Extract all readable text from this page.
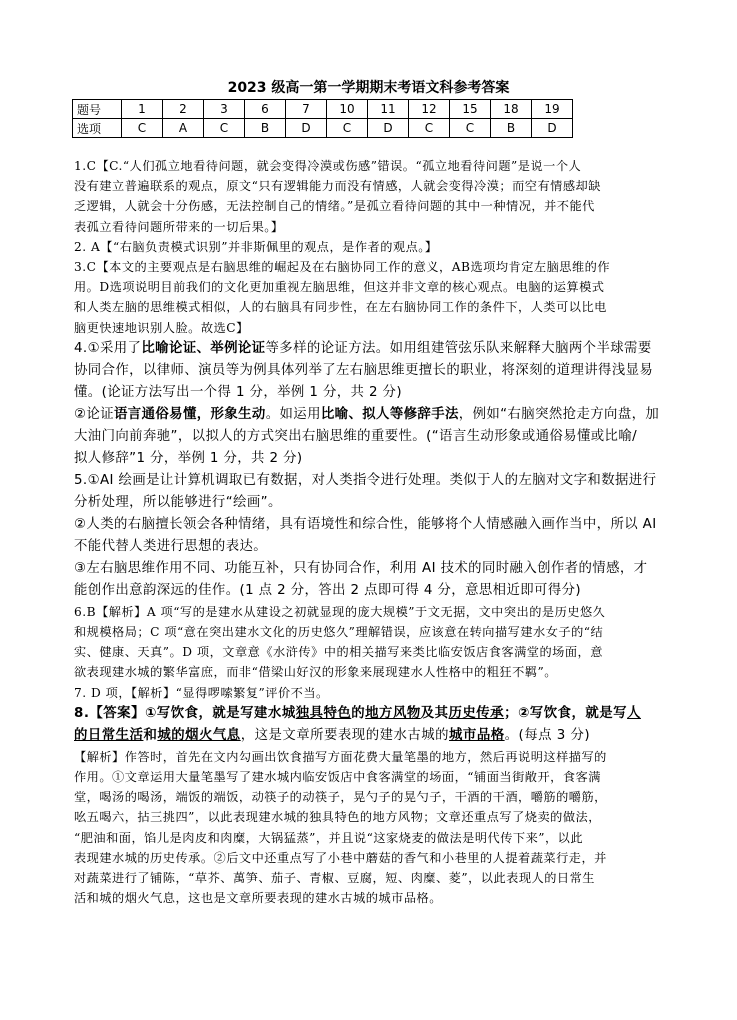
2023 级高一第一学期期末考语文科参考答案
题号	1	2	3	6	7	10	11	12	15	18	19
选项	C	A	C	B	D	C	D	C	C	B	D

1.C【C.“人们孤立地看待问题，就会变得冷漠或伤感”错误。“孤立地看待问题”是说一个人

没有建立普遍联系的观点，原文“只有逻辑能力而没有情感，人就会变得冷漠；而空有情感却缺

乏逻辑，人就会十分伤感，无法控制自己的情绪。”是孤立看待问题的其中一种情况，并不能代

表孤立看待问题所带来的一切后果。】

2. A【“右脑负责模式识别”并非斯佩里的观点，是作者的观点。】

3.C【本文的主要观点是右脑思维的崛起及在右脑协同工作的意义，AB选项均肯定左脑思维的作

用。D选项说明目前我们的文化更加重视左脑思维，但这并非文章的核心观点。电脑的运算模式

和人类左脑的思维模式相似，人的右脑具有同步性，在左右脑协同工作的条件下，人类可以比电

脑更快速地识别人脸。故选C】

4.①采用了比喻论证、举例论证等多样的论证方法。如用组建管弦乐队来解释大脑两个半球需要

协同合作，以律师、演员等为例具体列举了左右脑思维更擅长的职业，将深刻的道理讲得浅显易

懂。(论证方法写出一个得 1 分，举例 1 分，共 2 分)

②论证语言通俗易懂，形象生动。如运用比喻、拟人等修辞手法，例如“右脑突然抢走方向盘，加

大油门向前奔驰”，以拟人的方式突出右脑思维的重要性。(“语言生动形象或通俗易懂或比喻/

拟人修辞”1 分，举例 1 分，共 2 分)

5.①AI 绘画是让计算机调取已有数据，对人类指令进行处理。类似于人的左脑对文字和数据进行

分析处理，所以能够进行“绘画”。

②人类的右脑擅长领会各种情绪，具有语境性和综合性，能够将个人情感融入画作当中，所以 AI

不能代替人类进行思想的表达。

③左右脑思维作用不同、功能互补，只有协同合作，利用 AI 技术的同时融入创作者的情感，才

能创作出意韵深远的佳作。(1 点 2 分，答出 2 点即可得 4 分，意思相近即可得分)

6.B【解析】A 项“写的是建水从建设之初就显现的庞大规模”于文无据，文中突出的是历史悠久

和规模格局；C 项“意在突出建水文化的历史悠久”理解错误，应该意在转向描写建水女子的“结

实、健康、天真”。D 项，文章意《水浒传》中的相关描写来类比临安饭店食客满堂的场面，意

欲表现建水城的繁华富庶，而非“借梁山好汉的形象来展现建水人性格中的粗狂不羁”。

7. D 项，【解析】“显得啰嗦繁复”评价不当。

8.【答案】①写饮食，就是写建水城独具特色的地方风物及其历史传承；②写饮食，就是写人

的日常生活和城的烟火气息，这是文章所要表现的建水古城的城市品格。(每点 3 分)

【解析】作答时，首先在文内勾画出饮食描写方面花费大量笔墨的地方，然后再说明这样描写的

作用。①文章运用大量笔墨写了建水城内临安饭店中食客满堂的场面，“铺面当街敞开，食客满

堂，喝汤的喝汤，端饭的端饭，动筷子的动筷子，晃勺子的晃勺子，干酒的干酒，嚼筋的嚼筋，

吆五喝六，拈三挑四”，以此表现建水城的独具特色的地方风物；文章还重点写了烧卖的做法，

“肥油和面，馅儿是肉皮和肉糜，大锅猛蒸”，并且说“这家烧麦的做法是明代传下来”，以此

表现建水城的历史传承。②后文中还重点写了小巷中蘑菇的香气和小巷里的人提着蔬菜行走，并

对蔬菜进行了铺陈，“草芥、萬笋、茄子、青椒、豆腐，短、肉糜、菱”，以此表现人的日常生

活和城的烟火气息，这也是文章所要表现的建水古城的城市品格。
